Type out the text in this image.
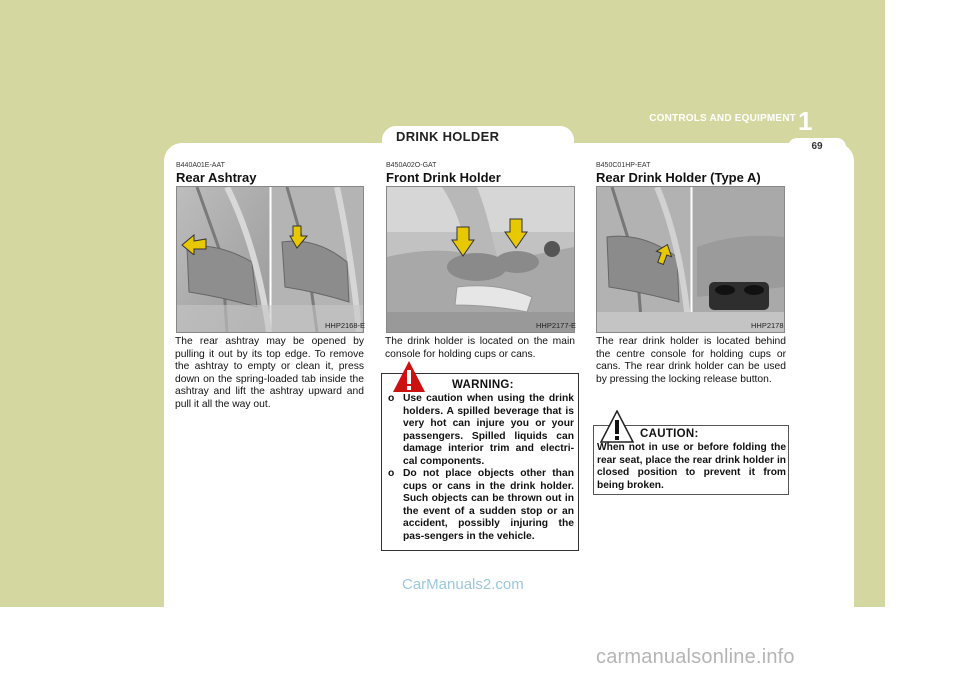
1
CONTROLS AND EQUIPMENT
69
DRINK HOLDER
B440A01E-AAT
Rear Ashtray
HHP2168-E
The rear ashtray may be opened by pulling it out by its top edge. To remove the ashtray to empty or clean it, press down on the spring-loaded tab inside the ashtray and lift the ashtray upward and pull it all the way out.
B450A02O-GAT
Front Drink Holder
HHP2177-E
The drink holder is located on the main console for holding cups or cans.
WARNING:
o Use caution when using the drink holders. A spilled beverage that is very hot can injure you or your passengers. Spilled liquids can damage interior trim and electri-cal components.
o Do not place objects other than cups or cans in the drink holder. Such objects can be thrown out in the event of a sudden stop or an accident, possibly injuring the pas-sengers in the vehicle.
B450C01HP-EAT
Rear Drink Holder (Type A)
HHP2178
The rear drink holder is located behind the centre console for holding cups or cans. The rear drink holder can be used by pressing the locking release button.
CAUTION:
When not in use or before folding the rear seat, place the rear drink holder in closed position to prevent it from being broken.
CarManuals2.com
carmanualsonline.info
